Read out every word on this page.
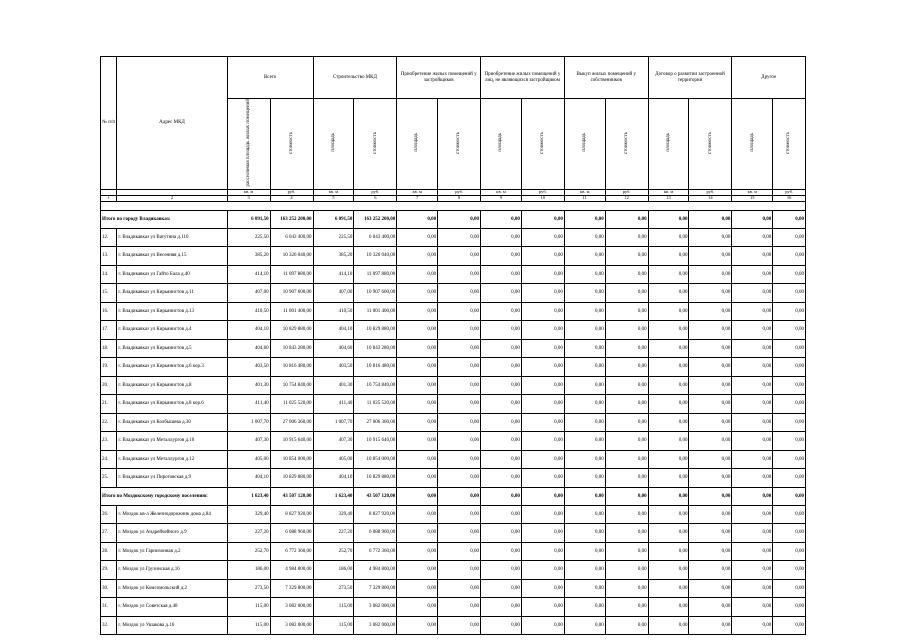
№ п/п	Адрес МКД	Всего		Строительство МКД		Приобретение жилых помещений у застройщиков		Приобретение жилых помещений у лиц, не являющихся застройщиком		Выкуп жилых помещений у собственников		Договор о развитии застроенной территории		Другое	
		расселяемая площадь жилых помещений	стоимость	площадь	стоимость	площадь	стоимость	площадь	стоимость	площадь	стоимость	площадь	стоимость	площадь	стоимость
		кв. м	руб.	кв. м	руб.	кв. м	руб.	кв. м	руб.	кв. м	руб.	кв. м	руб.	кв. м	руб.
1	2	3	4	5	6	7	8	9	10	11	12	13	14	15	16

Итого по городу Владикавказ:		6 091,50	163 252 200,00	6 091,50	163 252 200,00	0,00	0,00	0,00	0,00	0,00	0,00	0,00	0,00	0,00	0,00
12.	г. Владикавказ ул Ватутина д.110	225,50	6 043 400,00	225,50	6 043 400,00	0,00	0,00	0,00	0,00	0,00	0,00	0,00	0,00	0,00	0,00
13.	г. Владикавказ ул Весенняя д.15	385,20	10 326 040,00	385,20	10 326 040,00	0,00	0,00	0,00	0,00	0,00	0,00	0,00	0,00	0,00	0,00
14.	г. Владикавказ ул Гайто Бала д.40	414,10	11 097 880,00	414,10	11 097 880,00	0,00	0,00	0,00	0,00	0,00	0,00	0,00	0,00	0,00	0,00
15.	г. Владикавказ ул Кирьянистов д.11	407,00	10 907 600,00	407,00	10 907 600,00	0,00	0,00	0,00	0,00	0,00	0,00	0,00	0,00	0,00	0,00
16.	г. Владикавказ ул Кирьянистов д.13	410,50	11 001 400,00	410,50	11 001 400,00	0,00	0,00	0,00	0,00	0,00	0,00	0,00	0,00	0,00	0,00
17.	г. Владикавказ ул Кирьянистов д.4	404,10	10 829 880,00	404,10	10 829 880,00	0,00	0,00	0,00	0,00	0,00	0,00	0,00	0,00	0,00	0,00
18.	г. Владикавказ ул Кирьянистов д.5	404,60	10 843 280,00	404,60	10 843 280,00	0,00	0,00	0,00	0,00	0,00	0,00	0,00	0,00	0,00	0,00
19.	г. Владикавказ ул Кирьянистов д.6 кор.3	403,50	10 816 480,00	403,50	10 816 480,00	0,00	0,00	0,00	0,00	0,00	0,00	0,00	0,00	0,00	0,00
20.	г. Владикавказ ул Кирьянистов д.8	401,30	10 754 840,00	401,30	10 754 840,00	0,00	0,00	0,00	0,00	0,00	0,00	0,00	0,00	0,00	0,00
21.	г. Владикавказ ул Кирьянистов д.8 кор.6	411,40	11 025 520,00	411,40	11 025 520,00	0,00	0,00	0,00	0,00	0,00	0,00	0,00	0,00	0,00	0,00
22.	г. Владикавказ ул Колбышева д.30	1 007,70	27 006 360,00	1 007,70	27 006 360,00	0,00	0,00	0,00	0,00	0,00	0,00	0,00	0,00	0,00	0,00
23.	г. Владикавказ ул Металлургов д.10	407,30	10 915 640,00	407,30	10 915 640,00	0,00	0,00	0,00	0,00	0,00	0,00	0,00	0,00	0,00	0,00
24.	г. Владикавказ ул Металлургов д.12	405,00	10 854 000,00	405,00	10 854 000,00	0,00	0,00	0,00	0,00	0,00	0,00	0,00	0,00	0,00	0,00
25.	г. Владикавказ ул Пироговская д.9	404,10	10 829 880,00	404,10	10 829 880,00	0,00	0,00	0,00	0,00	0,00	0,00	0,00	0,00	0,00	0,00
Итого по Моздокскому городскому поселению:		1 623,40	43 507 120,00	1 623,40	43 507 120,00	0,00	0,00	0,00	0,00	0,00	0,00	0,00	0,00	0,00	0,00
26.	г. Моздок кв-л Железнодорожник дома д.84	329,40	8 827 920,00	329,40	8 827 920,00	0,00	0,00	0,00	0,00	0,00	0,00	0,00	0,00	0,00	0,00
27.	г. Моздок ул Андрейчейного д.9	227,20	6 088 960,00	227,20	6 088 960,00	0,00	0,00	0,00	0,00	0,00	0,00	0,00	0,00	0,00	0,00
28.	г. Моздок ул Гарнизонная д.2	252,70	6 772 360,00	252,70	6 772 360,00	0,00	0,00	0,00	0,00	0,00	0,00	0,00	0,00	0,00	0,00
29.	г. Моздок ул Грузинская д.16	186,00	4 984 800,00	186,00	4 984 800,00	0,00	0,00	0,00	0,00	0,00	0,00	0,00	0,00	0,00	0,00
30.	г. Моздок ул Комсомольский д.2	273,50	7 329 800,00	273,50	7 329 800,00	0,00	0,00	0,00	0,00	0,00	0,00	0,00	0,00	0,00	0,00
31.	г. Моздок ул Советская д.48	115,00	3 082 000,00	115,00	3 082 000,00	0,00	0,00	0,00	0,00	0,00	0,00	0,00	0,00	0,00	0,00
32.	г. Моздок ул Ушакова д.16	115,00	3 082 000,00	115,00	3 082 000,00	0,00	0,00	0,00	0,00	0,00	0,00	0,00	0,00	0,00	0,00
